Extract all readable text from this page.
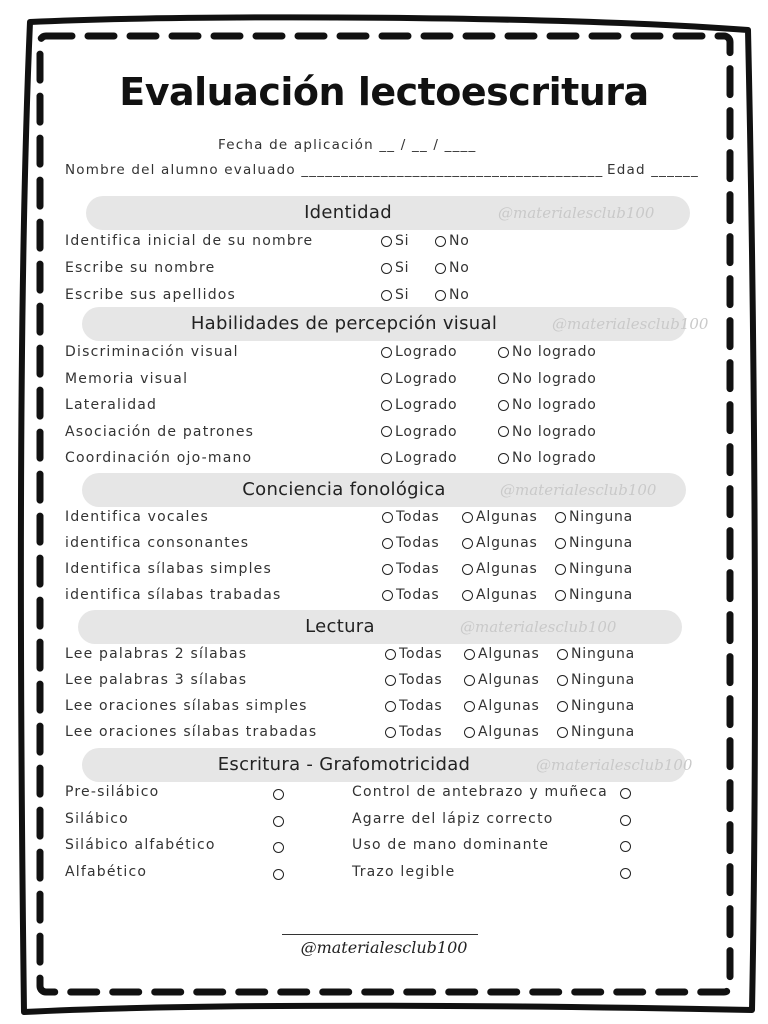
Evaluación lectoescritura
Fecha de aplicación __ / __ / ____
Nombre del alumno evaluado ______________________________________ Edad ______
Identidad	@materialesclub100
Identifica inicial de su nombre	Si	No
Escribe su nombre	Si	No
Escribe sus apellidos	Si	No
Habilidades de percepción visual	@materialesclub100
Discriminación visual	Logrado	No logrado
Memoria visual	Logrado	No logrado
Lateralidad	Logrado	No logrado
Asociación de patrones	Logrado	No logrado
Coordinación ojo-mano	Logrado	No logrado
Conciencia fonológica	@materialesclub100
Identifica vocales	Todas	Algunas Ninguna
identifica consonantes	Todas	Algunas Ninguna
Identifica sílabas simples	Todas	Algunas Ninguna
identifica sílabas trabadas	Todas	Algunas Ninguna
Lectura	@materialesclub100
Lee palabras 2 sílabas	Todas	Algunas Ninguna
Lee palabras 3 sílabas	Todas	Algunas Ninguna
Lee oraciones sílabas simples	Todas	Algunas Ninguna
Lee oraciones sílabas trabadas	Todas	Algunas Ninguna
Escritura - Grafomotricidad	@materialesclub100
Pre-silábico
Silábico
Silábico alfabético
Alfabético
Control de antebrazo y muñeca
Agarre del lápiz correcto
Uso de mano dominante
Trazo legible
@materialesclub100
